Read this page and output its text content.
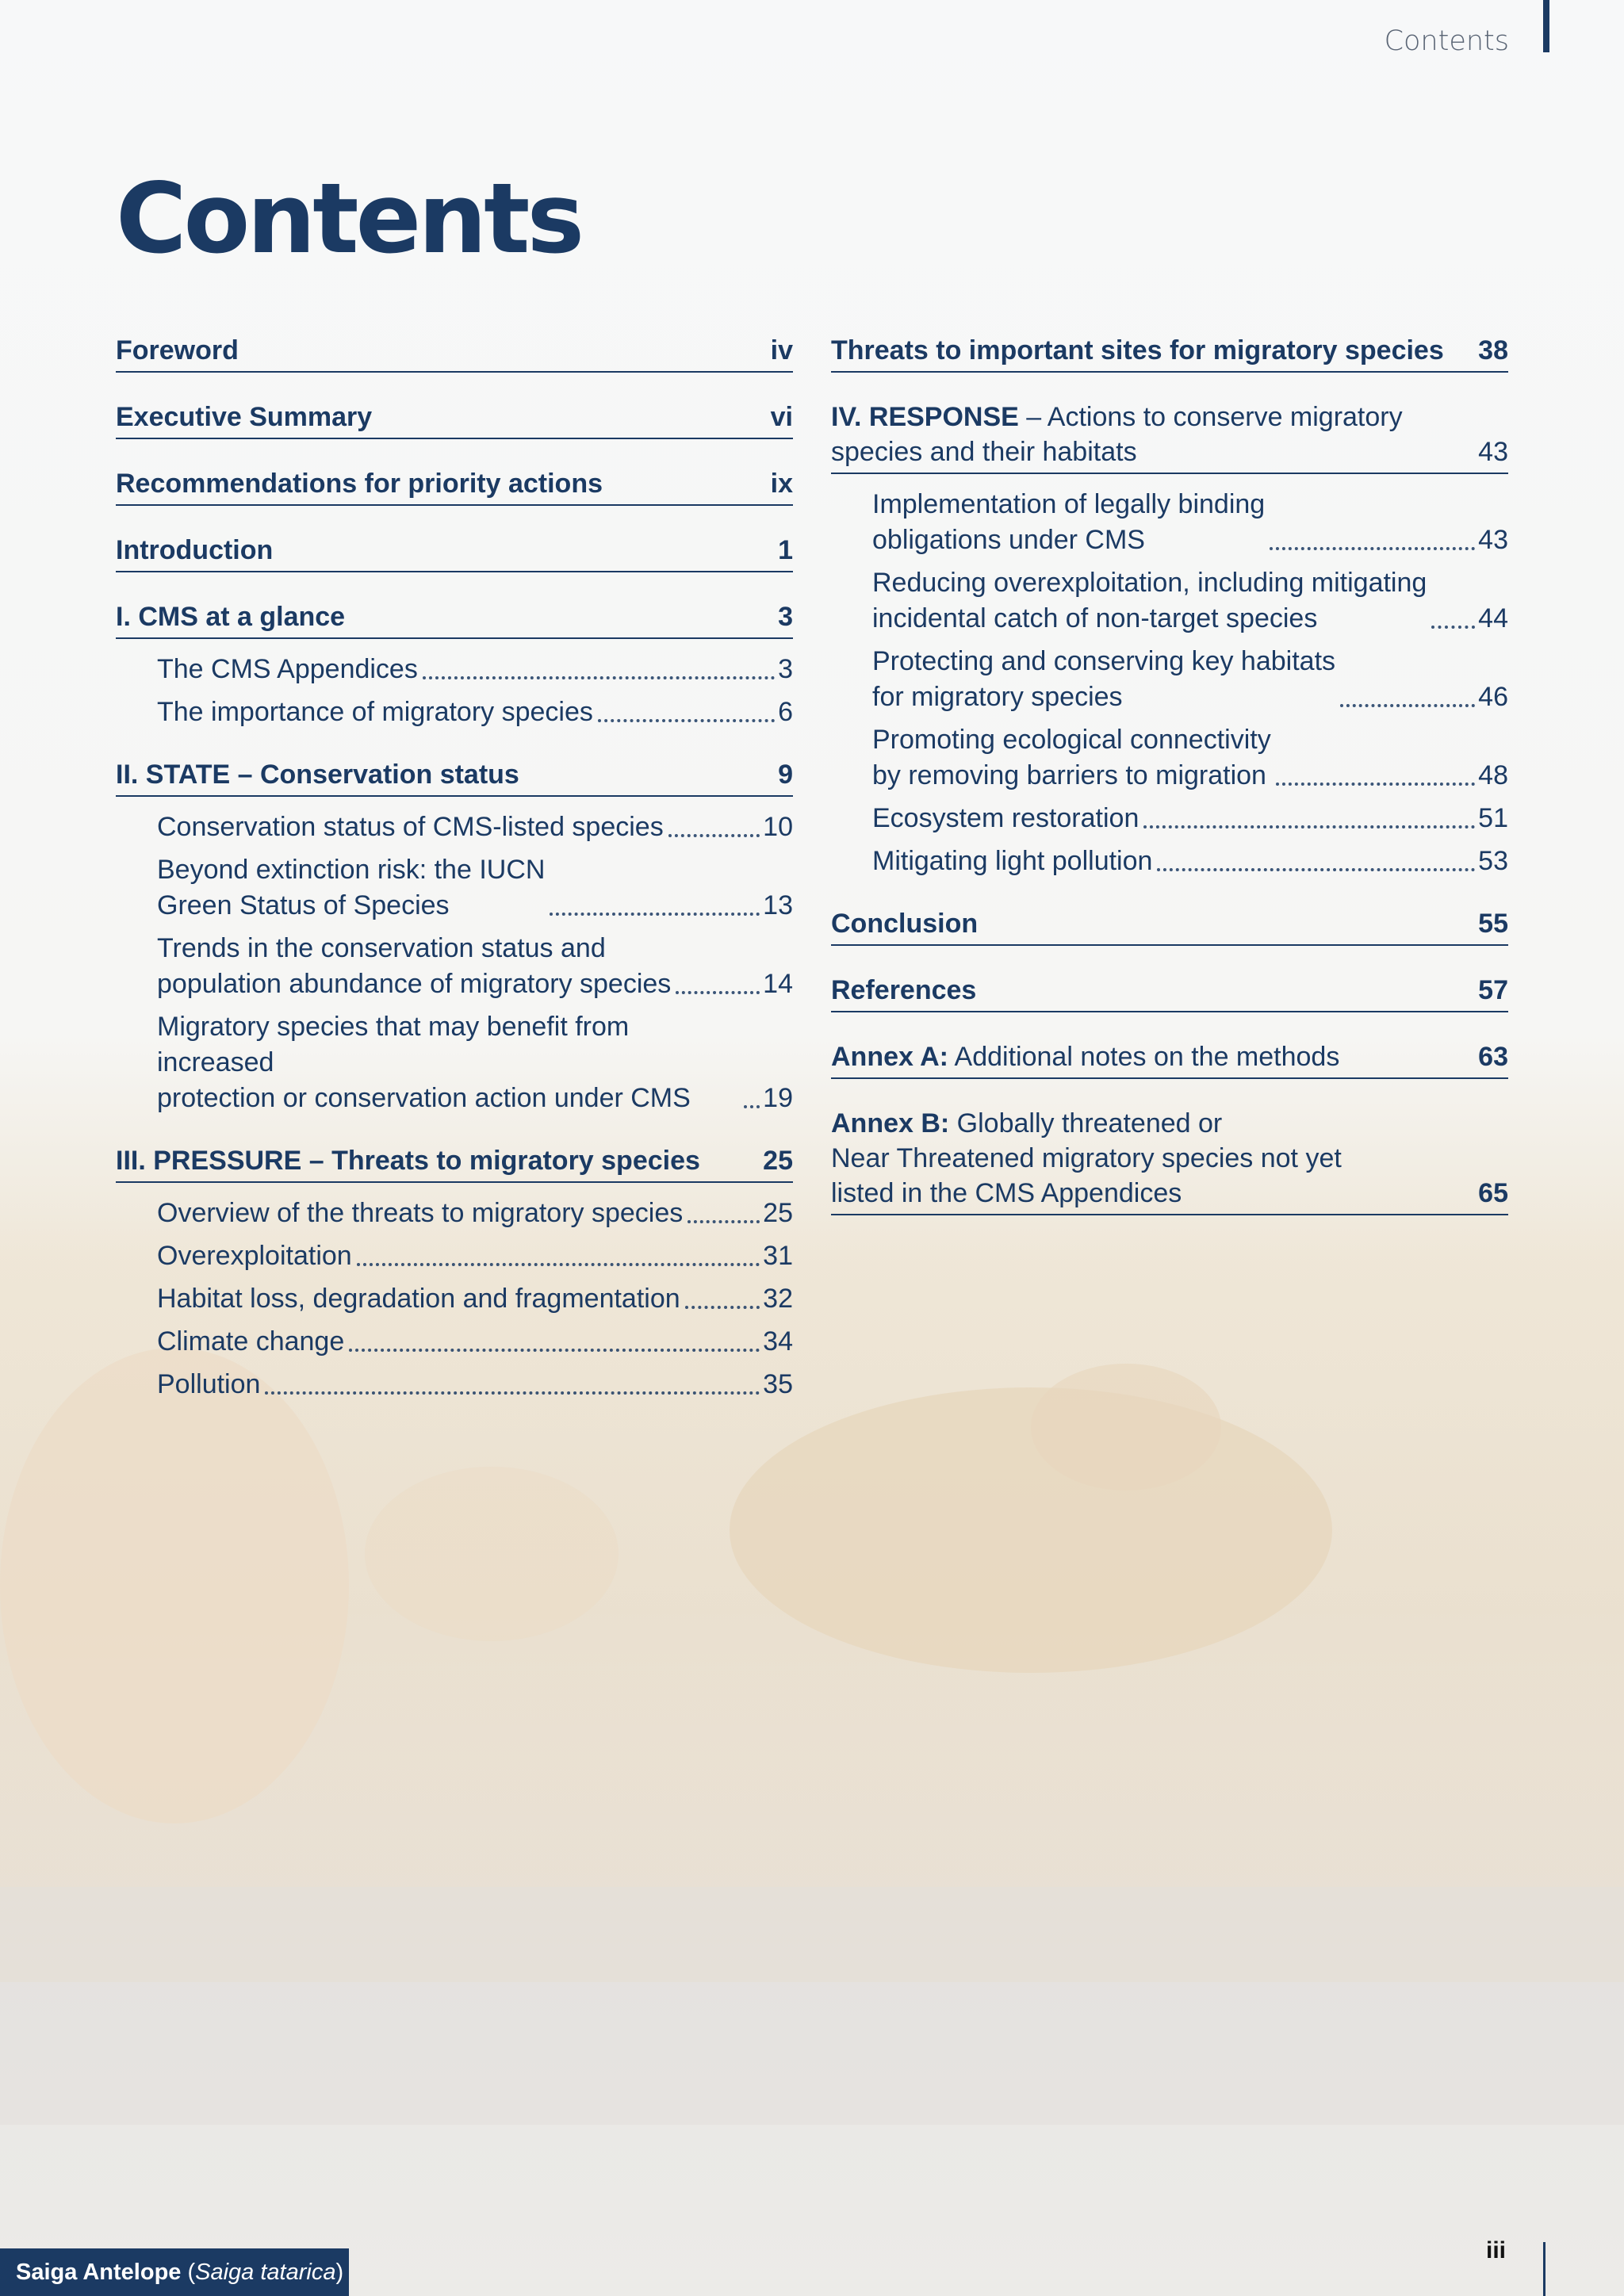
Contents
Contents
Foreword	iv
Executive Summary	vi
Recommendations for priority actions	ix
Introduction	1
I. CMS at a glance	3
The CMS Appendices	3
The importance of migratory species	6
II. STATE – Conservation status	9
Conservation status of CMS-listed species	10
Beyond extinction risk: the IUCN
Green Status of Species	13
Trends in the conservation status and
population abundance of migratory species	14
Migratory species that may benefit from increased
protection or conservation action under CMS	19
III. PRESSURE – Threats to migratory species	25
Overview of the threats to migratory species	25
Overexploitation	31
Habitat loss, degradation and fragmentation	32
Climate change	34
Pollution	35
Threats to important sites for migratory species	38
IV. RESPONSE – Actions to conserve migratory
species and their habitats	43
Implementation of legally binding
obligations under CMS	43
Reducing overexploitation, including mitigating
incidental catch of non-target species	44
Protecting and conserving key habitats
for migratory species	46
Promoting ecological connectivity
by removing barriers to migration	48
Ecosystem restoration	51
Mitigating light pollution	53
Conclusion	55
References	57
Annex A: Additional notes on the methods	63
Annex B: Globally threatened or
Near Threatened migratory species not yet
listed in the CMS Appendices	65
Saiga Antelope (Saiga tatarica)
iii
